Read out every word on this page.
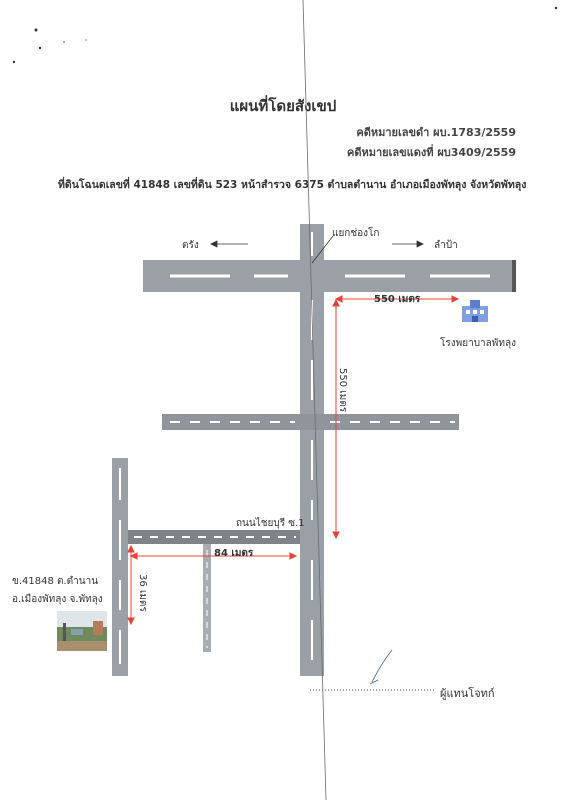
แผนที่โดยสังเขป
คดีหมายเลขดำ ผบ.1783/2559
คดีหมายเลขแดงที่ ผบ3409/2559
ที่ดินโฉนดเลขที่ 41848 เลขที่ดิน 523 หน้าสำรวจ 6375 ตำบลตำนาน อำเภอเมืองพัทลุง จังหวัดพัทลุง
แยกช่องโก
ตรัง	ลำป้า
550 เมตร
โรงพยาบาลพัทลุง
550 เมตร
ถนนไชยบุรี ซ.1
84 เมตร
36 เมตร
ข.41848 ต.ตำนาน
อ.เมืองพัทลุง จ.พัทลุง
ผู้แทนโจทก์
